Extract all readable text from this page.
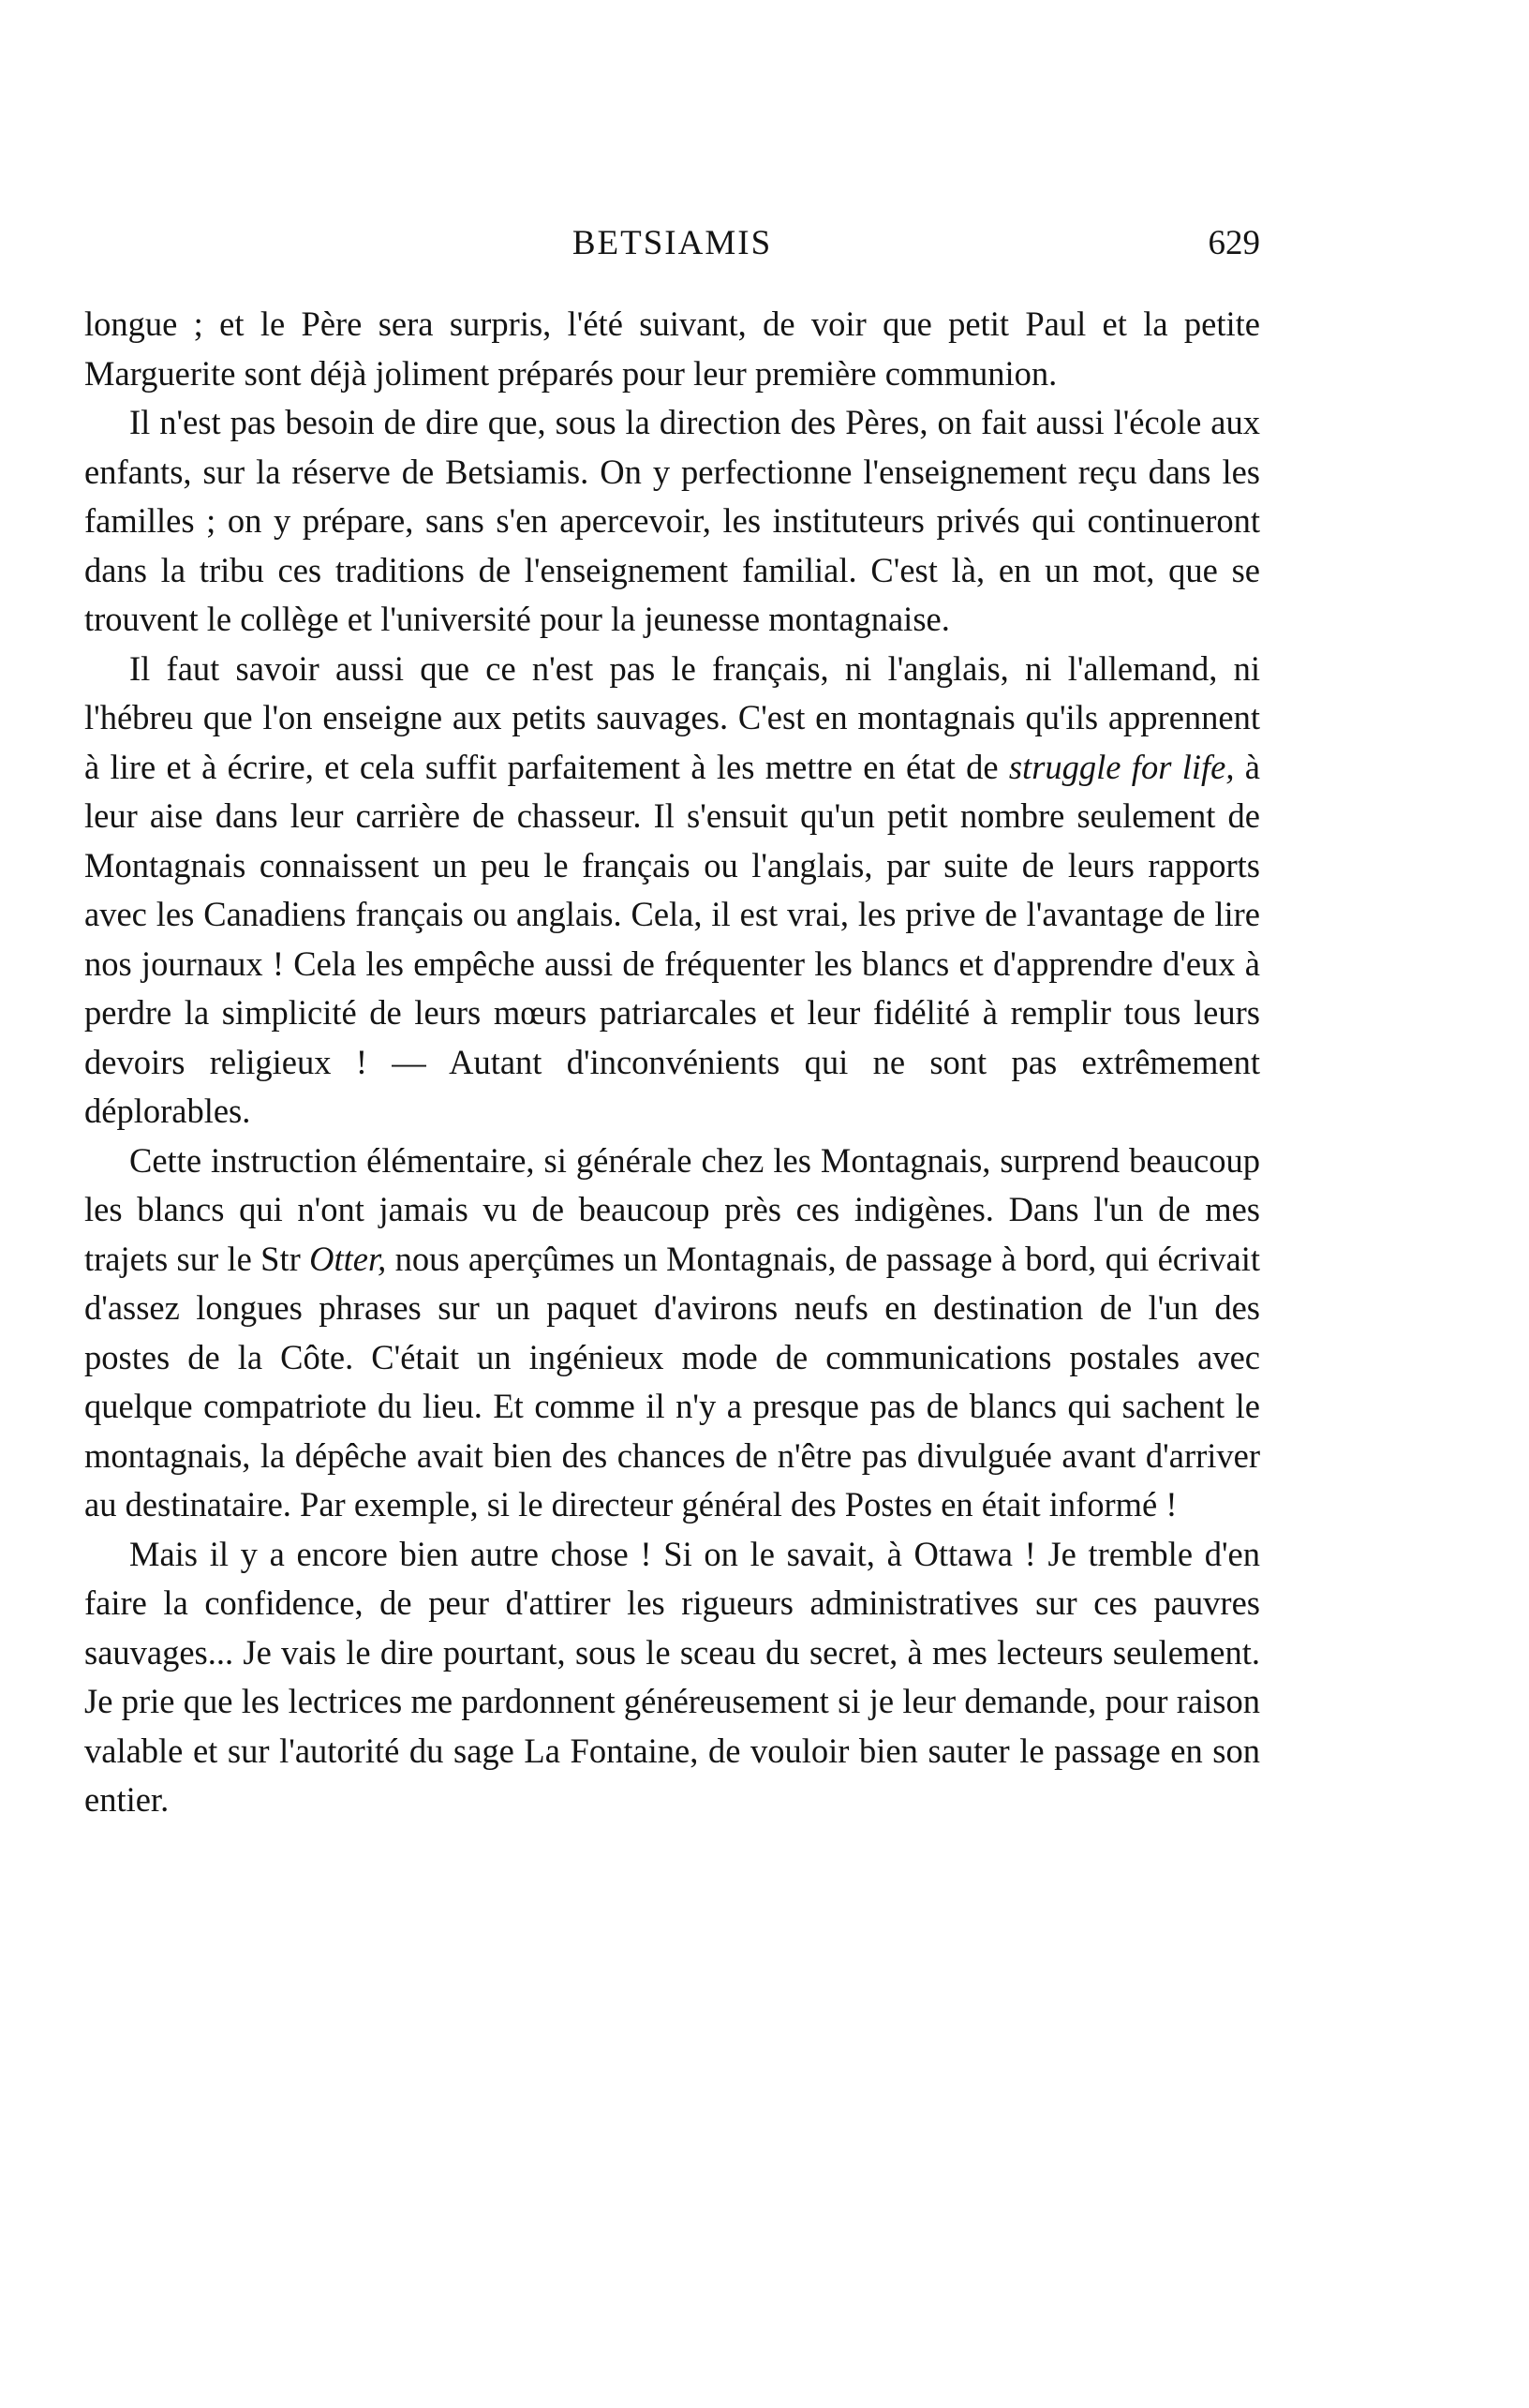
BETSIAMIS	629

longue ; et le Père sera surpris, l'été suivant, de voir que petit Paul et la petite Marguerite sont déjà joliment préparés pour leur première communion.

Il n'est pas besoin de dire que, sous la direction des Pères, on fait aussi l'école aux enfants, sur la réserve de Betsiamis. On y perfectionne l'enseignement reçu dans les familles ; on y prépare, sans s'en apercevoir, les instituteurs privés qui continueront dans la tribu ces traditions de l'enseignement familial. C'est là, en un mot, que se trouvent le collège et l'université pour la jeunesse montagnaise.

Il faut savoir aussi que ce n'est pas le français, ni l'anglais, ni l'allemand, ni l'hébreu que l'on enseigne aux petits sauvages. C'est en montagnais qu'ils apprennent à lire et à écrire, et cela suffit parfaitement à les mettre en état de struggle for life, à leur aise dans leur carrière de chasseur. Il s'ensuit qu'un petit nombre seulement de Montagnais connaissent un peu le français ou l'anglais, par suite de leurs rapports avec les Canadiens français ou anglais. Cela, il est vrai, les prive de l'avantage de lire nos journaux ! Cela les empêche aussi de fréquenter les blancs et d'apprendre d'eux à perdre la simplicité de leurs mœurs patriarcales et leur fidélité à remplir tous leurs devoirs religieux ! — Autant d'inconvénients qui ne sont pas extrêmement déplorables.

Cette instruction élémentaire, si générale chez les Montagnais, surprend beaucoup les blancs qui n'ont jamais vu de beaucoup près ces indigènes. Dans l'un de mes trajets sur le Str Otter, nous aperçûmes un Montagnais, de passage à bord, qui écrivait d'assez longues phrases sur un paquet d'avirons neufs en destination de l'un des postes de la Côte. C'était un ingénieux mode de communications postales avec quelque compatriote du lieu. Et comme il n'y a presque pas de blancs qui sachent le montagnais, la dépêche avait bien des chances de n'être pas divulguée avant d'arriver au destinataire. Par exemple, si le directeur général des Postes en était informé !

Mais il y a encore bien autre chose ! Si on le savait, à Ottawa ! Je tremble d'en faire la confidence, de peur d'attirer les rigueurs administratives sur ces pauvres sauvages... Je vais le dire pourtant, sous le sceau du secret, à mes lecteurs seulement. Je prie que les lectrices me pardonnent généreusement si je leur demande, pour raison valable et sur l'autorité du sage La Fontaine, de vouloir bien sauter le passage en son entier.
